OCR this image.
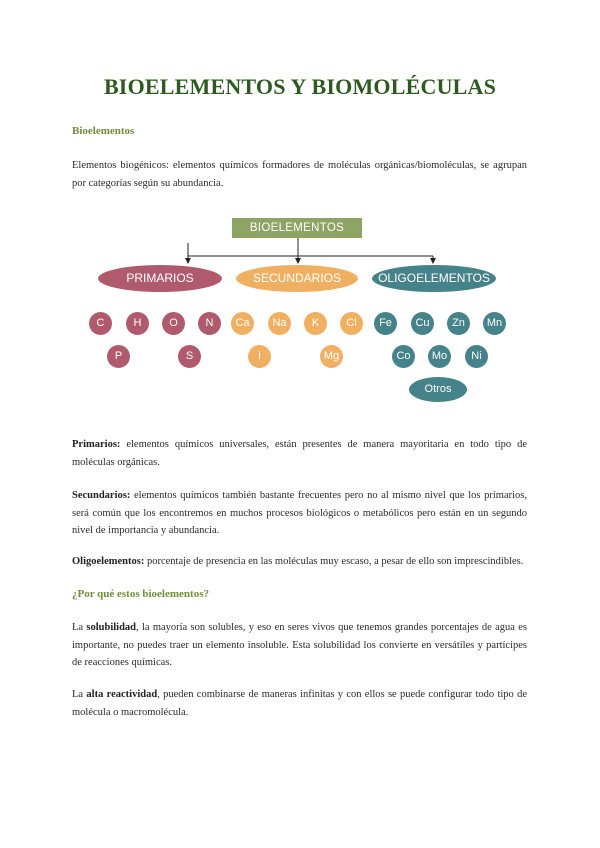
BIOELEMENTOS Y BIOMOLÉCULAS
Bioelementos

Elementos biogénicos: elementos químicos formadores de moléculas orgánicas/biomoléculas, se agrupan por categorías según su abundancia.

BIOELEMENTOS
PRIMARIOS	SECUNDARIOS	OLIGOELEMENTOS
C	H	O	N	Ca	Na	K	Cl	Fe	Cu	Zn	Mn
P	S	I	Mg	Co	Mo	Ni
Otros

Primarios: elementos químicos universales, están presentes de manera mayoritaria en todo tipo de moléculas orgánicas.

Secundarios: elementos químicos también bastante frecuentes pero no al mismo nivel que los primarios, será común que los encontremos en muchos procesos biológicos o metabólicos pero están en un segundo nivel de importancia y abundancia.

Oligoelementos: porcentaje de presencia en las moléculas muy escaso, a pesar de ello son imprescindibles.

¿Por qué estos bioelementos?

La solubilidad, la mayoría son solubles, y eso en seres vivos que tenemos grandes porcentajes de agua es importante, no puedes traer un elemento insoluble. Esta solubilidad los convierte en versátiles y partícipes de reacciones químicas.

La alta reactividad, pueden combinarse de maneras infinitas y con ellos se puede configurar todo tipo de molécula o macromolécula.
